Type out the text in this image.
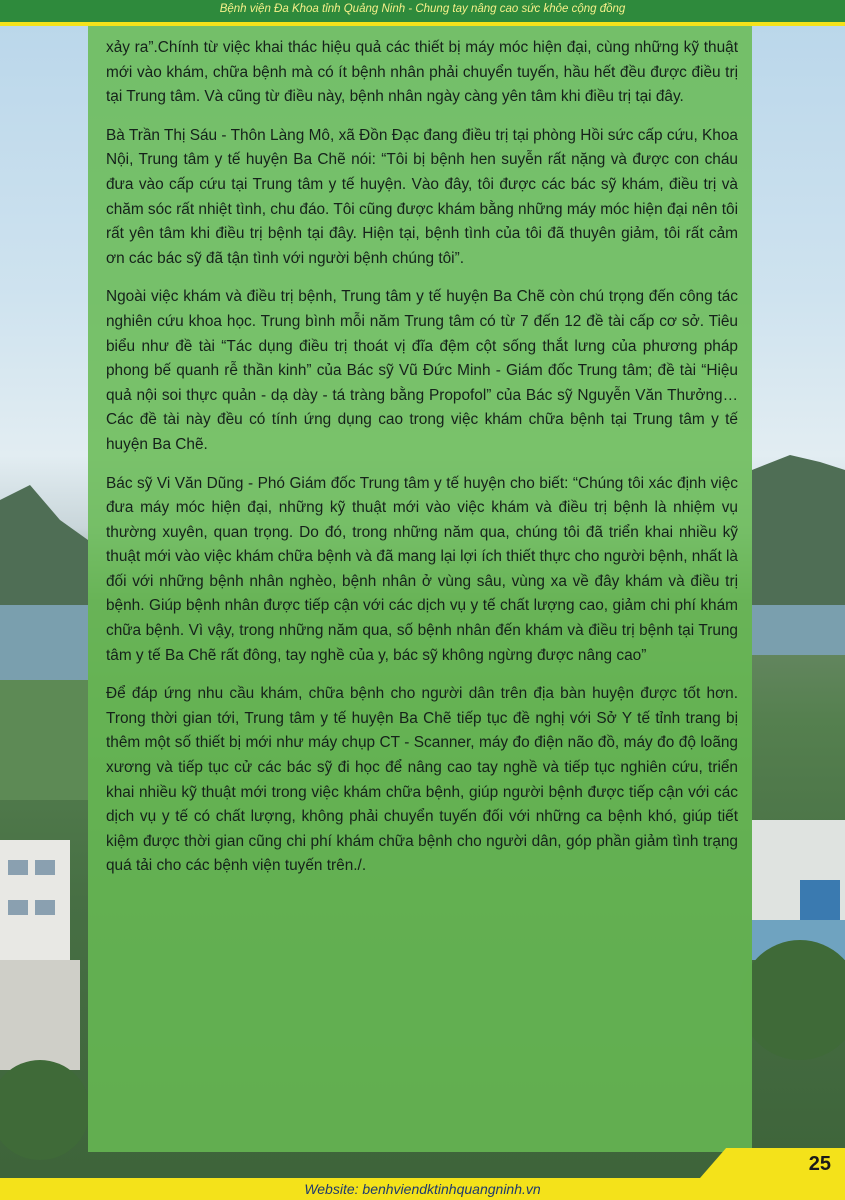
Bệnh viện Đa Khoa tỉnh Quảng Ninh - Chung tay nâng cao sức khỏe cộng đồng

xảy ra”.Chính từ việc khai thác hiệu quả các thiết bị máy móc hiện đại, cùng những kỹ thuật mới vào khám, chữa bệnh mà có ít bệnh nhân phải chuyển tuyến, hầu hết đều được điều trị tại Trung tâm. Và cũng từ điều này, bệnh nhân ngày càng yên tâm khi điều trị tại đây.

Bà Trần Thị Sáu - Thôn Làng Mô, xã Đồn Đạc đang điều trị tại phòng Hồi sức cấp cứu, Khoa Nội, Trung tâm y tế huyện Ba Chẽ nói: “Tôi bị bệnh hen suyễn rất nặng và được con cháu đưa vào cấp cứu tại Trung tâm y tế huyện. Vào đây, tôi được các bác sỹ khám, điều trị và chăm sóc rất nhiệt tình, chu đáo. Tôi cũng được khám bằng những máy móc hiện đại nên tôi rất yên tâm khi điều trị bệnh tại đây. Hiện tại, bệnh tình của tôi đã thuyên giảm, tôi rất cảm ơn các bác sỹ đã tận tình với người bệnh chúng tôi”.

Ngoài việc khám và điều trị bệnh, Trung tâm y tế huyện Ba Chẽ còn chú trọng đến công tác nghiên cứu khoa học. Trung bình mỗi năm Trung tâm có từ 7 đến 12 đề tài cấp cơ sở. Tiêu biểu như đề tài “Tác dụng điều trị thoát vị đĩa đệm cột sống thắt lưng của phương pháp phong bế quanh rễ thần kinh” của Bác sỹ Vũ Đức Minh - Giám đốc Trung tâm; đề tài “Hiệu quả nội soi thực quản - dạ dày - tá tràng bằng Propofol” của Bác sỹ Nguyễn Văn Thưởng…Các đề tài này đều có tính ứng dụng cao trong việc khám chữa bệnh tại Trung tâm y tế huyện Ba Chẽ.

Bác sỹ Vi Văn Dũng - Phó Giám đốc Trung tâm y tế huyện cho biết: “Chúng tôi xác định việc đưa máy móc hiện đại, những kỹ thuật mới vào việc khám và điều trị bệnh là nhiệm vụ thường xuyên, quan trọng. Do đó, trong những năm qua, chúng tôi đã triển khai nhiều kỹ thuật mới vào việc khám chữa bệnh và đã mang lại lợi ích thiết thực cho người bệnh, nhất là đối với những bệnh nhân nghèo, bệnh nhân ở vùng sâu, vùng xa về đây khám và điều trị bệnh. Giúp bệnh nhân được tiếp cận với các dịch vụ y tế chất lượng cao, giảm chi phí khám chữa bệnh. Vì vậy, trong những năm qua, số bệnh nhân đến khám và điều trị bệnh tại Trung tâm y tế Ba Chẽ rất đông, tay nghề của y, bác sỹ không ngừng được nâng cao”

Để đáp ứng nhu cầu khám, chữa bệnh cho người dân trên địa bàn huyện được tốt hơn. Trong thời gian tới, Trung tâm y tế huyện Ba Chẽ tiếp tục đề nghị với Sở Y tế tỉnh trang bị thêm một số thiết bị mới như máy chụp CT - Scanner, máy đo điện não đồ, máy đo độ loãng xương và tiếp tục cử các bác sỹ đi học để nâng cao tay nghề và tiếp tục nghiên cứu, triển khai nhiều kỹ thuật mới trong việc khám chữa bệnh, giúp người bệnh được tiếp cận với các dịch vụ y tế có chất lượng, không phải chuyển tuyến đối với những ca bệnh khó, giúp tiết kiệm được thời gian cũng chi phí khám chữa bệnh cho người dân, góp phần giảm tình trạng quá tải cho các bệnh viện tuyến trên./.

25
Website: benhviendktinhquangninh.vn
